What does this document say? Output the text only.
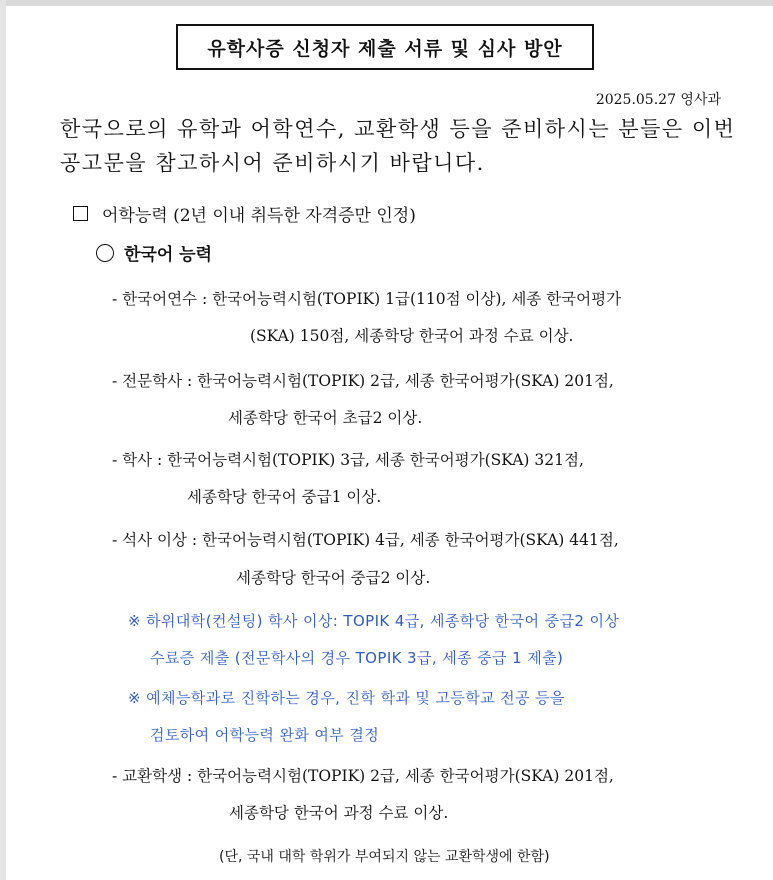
유학사증 신청자 제출 서류 및 심사 방안
2025.05.27 영사과
한국으로의 유학과 어학연수, 교환학생 등을 준비하시는 분들은 이번
공고문을 참고하시어 준비하시기 바랍니다.
어학능력 (2년 이내 취득한 자격증만 인정)
한국어 능력
- 한국어연수 : 한국어능력시험(TOPIK) 1급(110점 이상), 세종 한국어평가
(SKA) 150점, 세종학당 한국어 과정 수료 이상.
- 전문학사 : 한국어능력시험(TOPIK) 2급, 세종 한국어평가(SKA) 201점,
세종학당 한국어 초급2 이상.
- 학사 : 한국어능력시험(TOPIK) 3급, 세종 한국어평가(SKA) 321점,
세종학당 한국어 중급1 이상.
- 석사 이상 : 한국어능력시험(TOPIK) 4급, 세종 한국어평가(SKA) 441점,
세종학당 한국어 중급2 이상.
※ 하위대학(컨설팅) 학사 이상: TOPIK 4급, 세종학당 한국어 중급2 이상
수료증 제출 (전문학사의 경우 TOPIK 3급, 세종 중급 1 제출)
※ 예체능학과로 진학하는 경우, 진학 학과 및 고등학교 전공 등을
검토하여 어학능력 완화 여부 결정
- 교환학생 : 한국어능력시험(TOPIK) 2급, 세종 한국어평가(SKA) 201점,
세종학당 한국어 과정 수료 이상.
(단, 국내 대학 학위가 부여되지 않는 교환학생에 한함)
